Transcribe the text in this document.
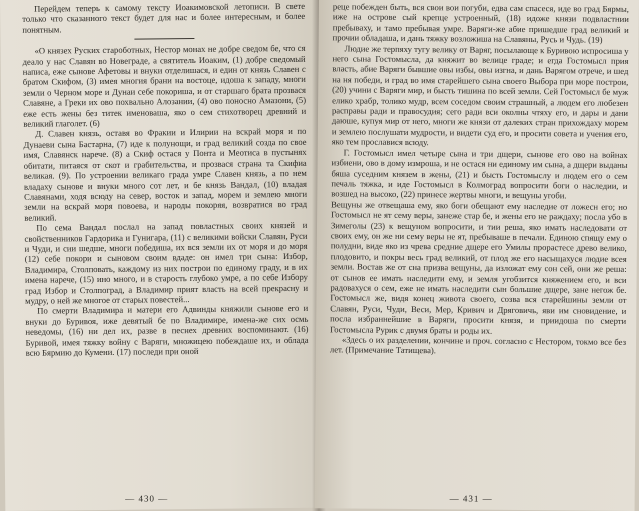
Перейдем теперь к самому тексту Иоакимовской летописи. В свете только что сказанного текст будет для нас и более интересным, и более понятным.

«О князех Руских староботных, Нестор монах не добре сведом бе, что ся деало у нас Славян во Новеграде, а святитель Иоаким, (1) добре сведомый написа, еже сынове Афетовы и внуки отделишася, и един от князь Славен с братом Скифом, (3) имея многия брани на востоце, идоша к западу, многи земли о Черном море и Дунаи себе покориша, и от старшаго брата прозвася Славяне, а Греки их ово похвально Алозании, (4) ово поносно Амазони, (5) еже есть жены без титек именоваша, яко о сем стихотворец древний и великий глаголет. (6)

Д. Славен князь, оставя во Фракии и Илирии на вскрай моря и по Дунаеви сына Бастарна, (7) иде к полунощи, и град великий созда по свое имя, Славянск нарече. (8) а Скиф остася у Понта и Меотиса в пустынях обитати, питаяся от скот и грабительства, и прозвася страна та Скифиа великая. (9). По устроении великаго града умре Славен князь, а по нем владаху сынове и внуки много сот лет, и бе князь Вандал, (10) владая Славянами, ходя всюду на север, восток и запад, морем и землею многи земли на вскрай моря повоева, и народы покоряя, возвратися во град великий.

По сема Вандал послал на запад повластных своих князей и свойственников Гардорика и Гунигара, (11) с великими войски Славян, Руси и Чуди, и сии шедше, многи победиша, их вся земли их от моря и до моря (12) себе покори и сыновом своим вдаде: он имел три сына: Избор, Владимира, Столповать, каждому из них построи по единому граду, и в их имена нарече, (15) ино много, и в старость глубоко умре, а по себе Избору град Избор и Столпоград, а Владимир прият власть на всей прекрасну и мудру, о ней же многое от старых повестей...

По смерти Владимира и матери его Адвинды княжили сынове его и внуки до Буривоя, иже девятый бе по Владимире, имена-же сих осмь неведомы, (16) ни дел их, разве в песнех древних воспоминают. (16) Буривой, имея тяжку войну с Варяги, множицею побеждаше их, и облада всю Бярмию до Кумени. (17) последи при оной

— 430 —

реце побежден быть, вся свои вои погуби, едва сам спасеся, иде во град Бярмы, иже на острове сый крепце устроенный, (18) идоже князи подвластнии пребываху, и тамо пребывая умре. Варяги-же абие пришедше град великий и прочии обладаша, и дань тяжку возложиша на Славяны, Русь и Чудь. (19)

Людие же терпяху тугу велику от Варяг, посылающе к Буривою испросиша у него сына Гостомысла, да княжит во велице граде; и егда Гостомысл прия власть, абие Варяги бывшие овы избы, овы изгна, и дань Варягом отрече, и шед на ня победи, и град во имя старейшего сына своего Выбора при море построи, (20) учини с Варяги мир, и бысть тишина по всей земли. Сей Гостомысл бе муж елико храбр, толико мудр, всем соседом своим страшный, а людем его любезен расправы ради и правосудия; сего ради вси околны чтяху его, и дары и дани даюше, купуя мир от него, многи же князи от далеких стран прихождаху морем и землею послушати мудрости, и видети суд его, и просити совета и учения его, яко тем прославися всюду.

Г. Гостомысл имел четыре сына и три дщери, сынове его ово на войнах избиени, ово в дому измроша, и не остася ни единому им сына, а дщери выданы бяша суседним князем в жены, (21) и бысть Гостомыслу и людем его о сем печаль тяжка, и иде Гостомысл в Колмоград вопросити боги о наследии, и возшед на высоко, (22) принесе жертвы многи, и вещуны угоби.

Вещуны же отвещаша ему, яко боги обещают ему наследие от ложесн его; но Гостомысл не ят сему веры, занеже стар бе, и жены его не раждаху; посла убо в Зимеголы (23) к вещуном вопросити, и тии реша, яко имать наследовати от своих ему, он же ни сему веры не ят, пребываше в печали. Единою спящу ему о полудни, виде яко из чрева средние дщере его Умилы прорастесе древо велико, плодовито, и покры весь град великий, от плод же его насыщахуся людие всея земли. Востав же от сна призва вещуны, да изложат ему сон сей, они же реша: от сынов ее имать наследити ему, и земля угобзится княжением его, и вси радовахуся о сем, еже не имать наследити сын большие дщере, зане негож бе. Гостомысл же, видя конец живота своего, созва вся старейшины земли от Славян, Руси, Чуди, Веси, Мер, Кривич и Дряговичь, яви им сновидение, и посла избраннейшие в Варяги, просити князя, и приидоша по смерти Гостомысла Рурик с двумя браты и роды их.

«Здесь о их разделении, кончине и проч. согласно с Нестором, токмо все без лет. (Примечание Татищева).

— 431 —
